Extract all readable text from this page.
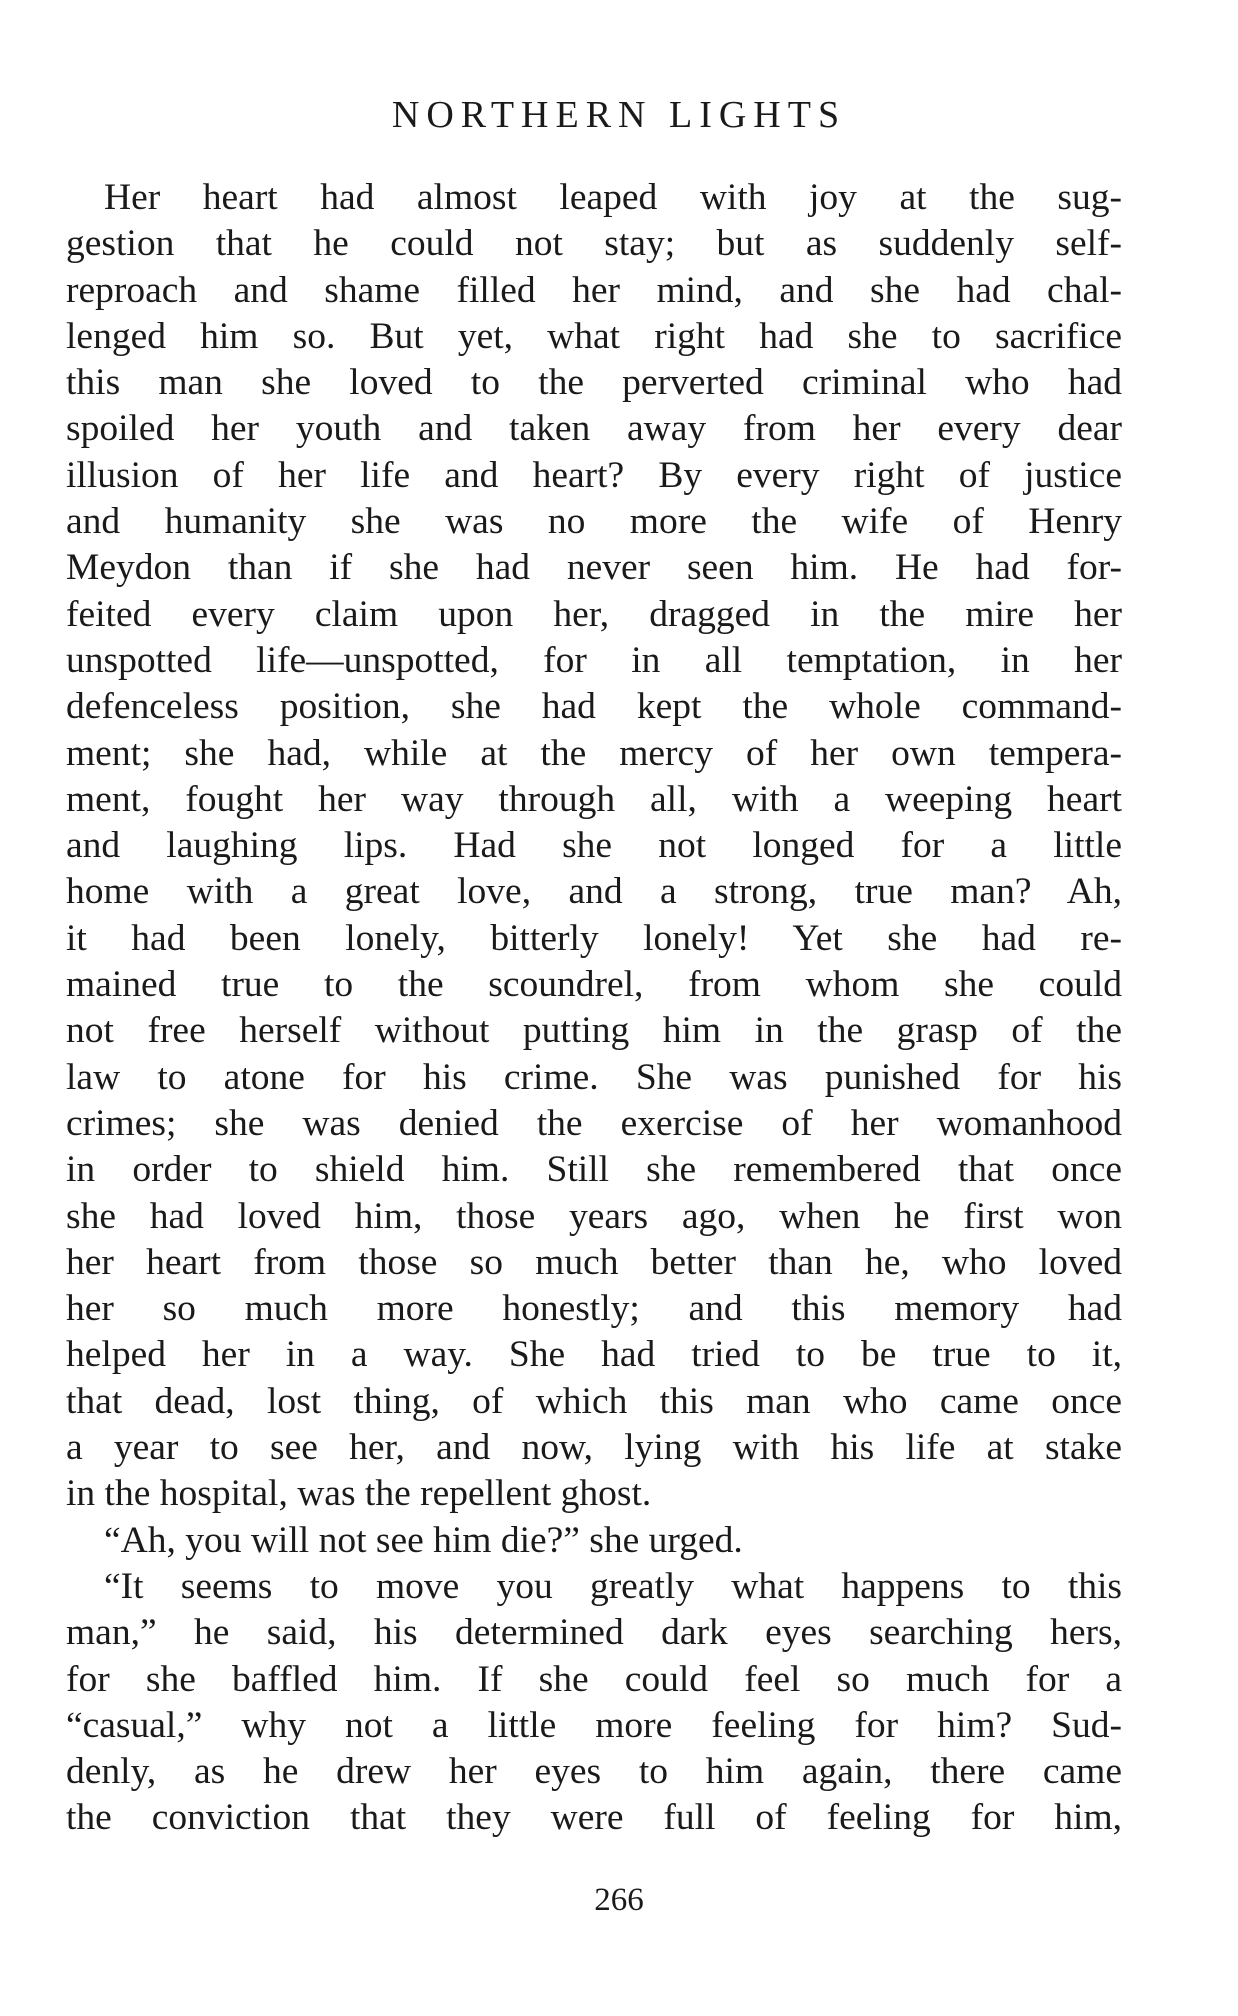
NORTHERN LIGHTS
Her heart had almost leaped with joy at the sug-
gestion that he could not stay; but as suddenly self-
reproach and shame filled her mind, and she had chal-
lenged him so. But yet, what right had she to sacrifice
this man she loved to the perverted criminal who had
spoiled her youth and taken away from her every dear
illusion of her life and heart? By every right of justice
and humanity she was no more the wife of Henry
Meydon than if she had never seen him. He had for-
feited every claim upon her, dragged in the mire her
unspotted life—unspotted, for in all temptation, in her
defenceless position, she had kept the whole command-
ment; she had, while at the mercy of her own tempera-
ment, fought her way through all, with a weeping heart
and laughing lips. Had she not longed for a little
home with a great love, and a strong, true man? Ah,
it had been lonely, bitterly lonely! Yet she had re-
mained true to the scoundrel, from whom she could
not free herself without putting him in the grasp of the
law to atone for his crime. She was punished for his
crimes; she was denied the exercise of her womanhood
in order to shield him. Still she remembered that once
she had loved him, those years ago, when he first won
her heart from those so much better than he, who loved
her so much more honestly; and this memory had
helped her in a way. She had tried to be true to it,
that dead, lost thing, of which this man who came once
a year to see her, and now, lying with his life at stake
in the hospital, was the repellent ghost.
“Ah, you will not see him die?” she urged.
“It seems to move you greatly what happens to this
man,” he said, his determined dark eyes searching hers,
for she baffled him. If she could feel so much for a
“casual,” why not a little more feeling for him? Sud-
denly, as he drew her eyes to him again, there came
the conviction that they were full of feeling for him,
266
